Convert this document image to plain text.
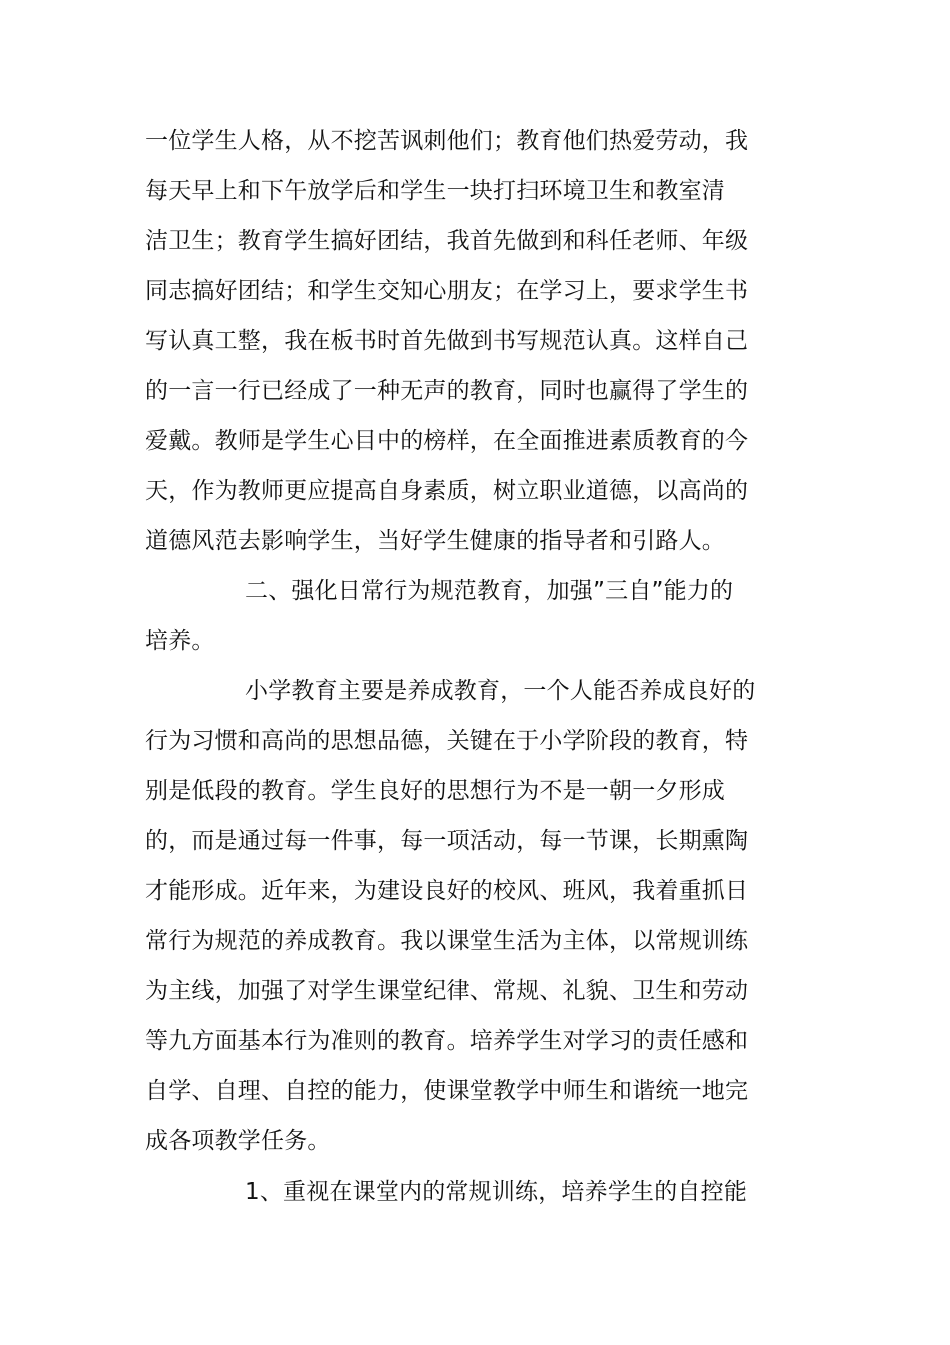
一位学生人格，从不挖苦讽刺他们；教育他们热爱劳动，我
每天早上和下午放学后和学生一块打扫环境卫生和教室清
洁卫生；教育学生搞好团结，我首先做到和科任老师、年级
同志搞好团结；和学生交知心朋友；在学习上，要求学生书
写认真工整，我在板书时首先做到书写规范认真。这样自己
的一言一行已经成了一种无声的教育，同时也赢得了学生的
爱戴。教师是学生心目中的榜样，在全面推进素质教育的今
天，作为教师更应提高自身素质，树立职业道德，以高尚的
道德风范去影响学生，当好学生健康的指导者和引路人。
二、强化日常行为规范教育，加强”三自”能力的
培养。
小学教育主要是养成教育，一个人能否养成良好的
行为习惯和高尚的思想品德，关键在于小学阶段的教育，特
别是低段的教育。学生良好的思想行为不是一朝一夕形成
的，而是通过每一件事，每一项活动，每一节课，长期熏陶
才能形成。近年来，为建设良好的校风、班风，我着重抓日
常行为规范的养成教育。我以课堂生活为主体，以常规训练
为主线，加强了对学生课堂纪律、常规、礼貌、卫生和劳动
等九方面基本行为准则的教育。培养学生对学习的责任感和
自学、自理、自控的能力，使课堂教学中师生和谐统一地完
成各项教学任务。
1、重视在课堂内的常规训练，培养学生的自控能
